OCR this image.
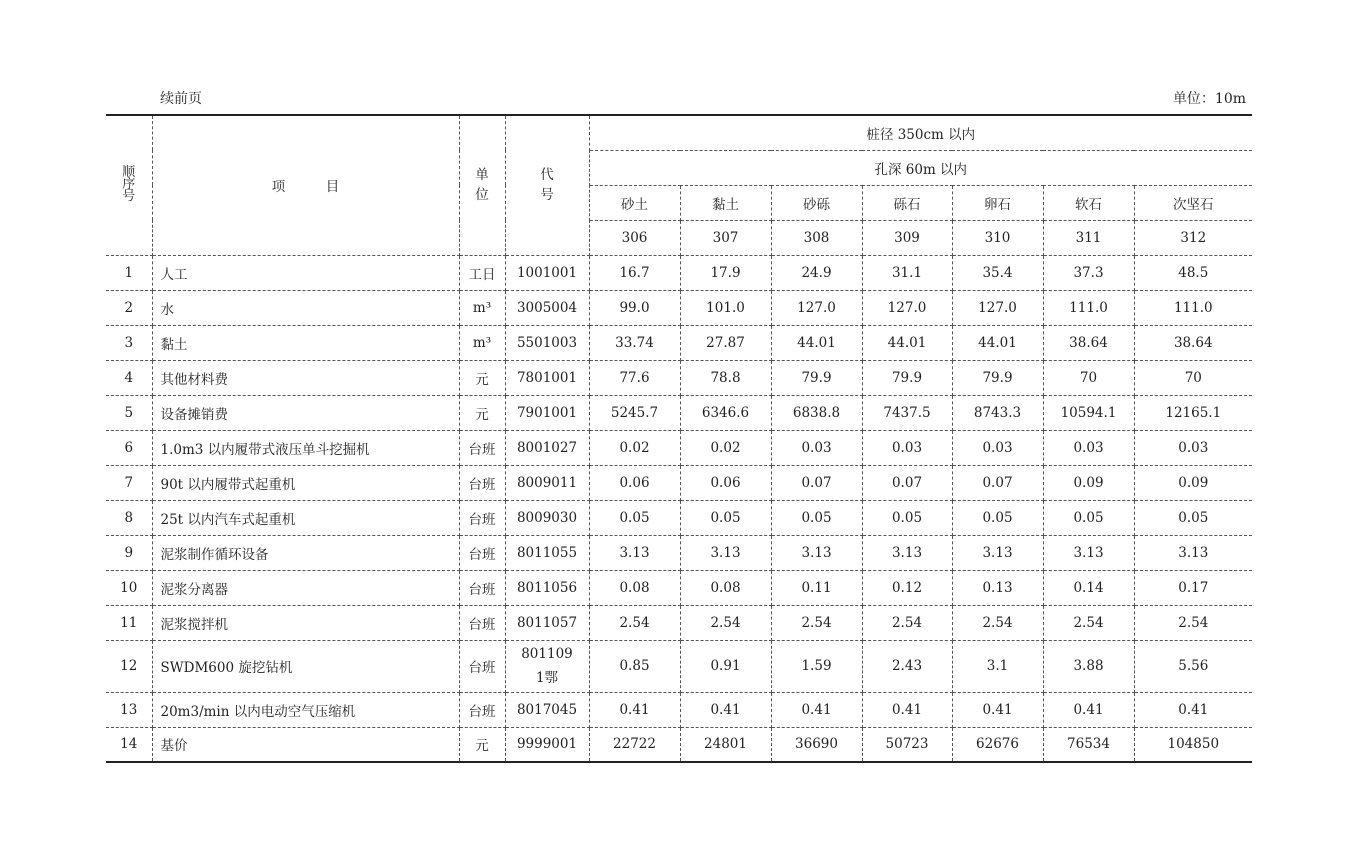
续前页	单位：10m
顺序号	项　　　目	单位	代号	桩径 350cm 以内						
				孔深 60m 以内						
				砂土	黏土	砂砾	砾石	卵石	软石	次坚石
				306	307	308	309	310	311	312
1	人工	工日	1001001	16.7	17.9	24.9	31.1	35.4	37.3	48.5
2	水	m³	3005004	99.0	101.0	127.0	127.0	127.0	111.0	111.0
3	黏土	m³	5501003	33.74	27.87	44.01	44.01	44.01	38.64	38.64
4	其他材料费	元	7801001	77.6	78.8	79.9	79.9	79.9	70	70
5	设备摊销费	元	7901001	5245.7	6346.6	6838.8	7437.5	8743.3	10594.1	12165.1
6	1.0m3 以内履带式液压单斗挖掘机	台班	8001027	0.02	0.02	0.03	0.03	0.03	0.03	0.03
7	90t 以内履带式起重机	台班	8009011	0.06	0.06	0.07	0.07	0.07	0.09	0.09
8	25t 以内汽车式起重机	台班	8009030	0.05	0.05	0.05	0.05	0.05	0.05	0.05
9	泥浆制作循环设备	台班	8011055	3.13	3.13	3.13	3.13	3.13	3.13	3.13
10	泥浆分离器	台班	8011056	0.08	0.08	0.11	0.12	0.13	0.14	0.17
11	泥浆搅拌机	台班	8011057	2.54	2.54	2.54	2.54	2.54	2.54	2.54
12	SWDM600 旋挖钻机	台班	8011091鄂	0.85	0.91	1.59	2.43	3.1	3.88	5.56
13	20m3/min 以内电动空气压缩机	台班	8017045	0.41	0.41	0.41	0.41	0.41	0.41	0.41
14	基价	元	9999001	22722	24801	36690	50723	62676	76534	104850
